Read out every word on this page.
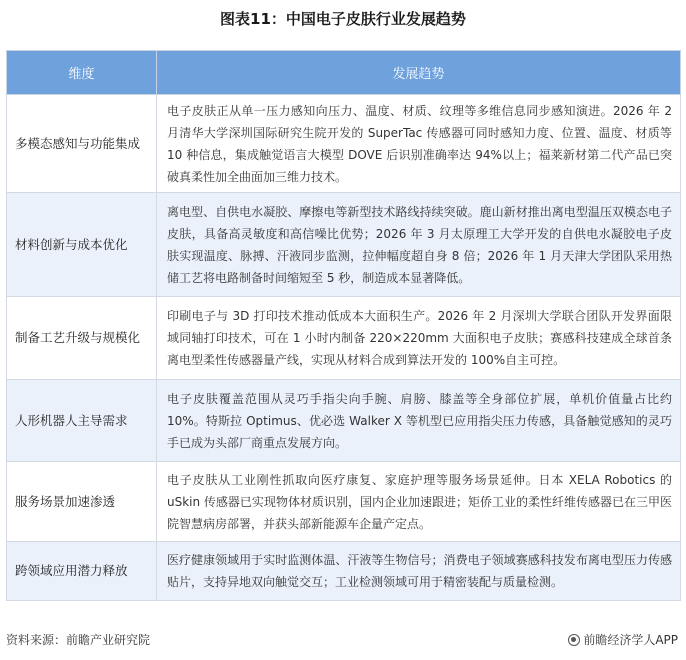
图表11：中国电子皮肤行业发展趋势
维度	发展趋势
多模态感知与功能集成	电子皮肤正从单一压力感知向压力、温度、材质、纹理等多维信息同步感知演进。2026 年 2 月清华大学深圳国际研究生院开发的 SuperTac 传感器可同时感知力度、位置、温度、材质等 10 种信息，集成触觉语言大模型 DOVE 后识别准确率达 94%以上；福莱新材第二代产品已突破真柔性加全曲面加三维力技术。
材料创新与成本优化	离电型、自供电水凝胶、摩擦电等新型技术路线持续突破。鹿山新材推出离电型温压双模态电子皮肤，具备高灵敏度和高信噪比优势；2026 年 3 月太原理工大学开发的自供电水凝胶电子皮肤实现温度、脉搏、汗液同步监测，拉伸幅度超自身 8 倍；2026 年 1 月天津大学团队采用热储工艺将电路制备时间缩短至 5 秒，制造成本显著降低。
制备工艺升级与规模化	印刷电子与 3D 打印技术推动低成本大面积生产。2026 年 2 月深圳大学联合团队开发界面限域同轴打印技术，可在 1 小时内制备 220×220mm 大面积电子皮肤；赛感科技建成全球首条离电型柔性传感器量产线，实现从材料合成到算法开发的 100%自主可控。
人形机器人主导需求	电子皮肤覆盖范围从灵巧手指尖向手腕、肩膀、膝盖等全身部位扩展，单机价值量占比约 10%。特斯拉 Optimus、优必选 Walker X 等机型已应用指尖压力传感，具备触觉感知的灵巧手已成为头部厂商重点发展方向。
服务场景加速渗透	电子皮肤从工业刚性抓取向医疗康复、家庭护理等服务场景延伸。日本 XELA Robotics 的 uSkin 传感器已实现物体材质识别，国内企业加速跟进；矩侨工业的柔性纤维传感器已在三甲医院智慧病房部署，并获头部新能源车企量产定点。
跨领域应用潜力释放	医疗健康领域用于实时监测体温、汗液等生物信号；消费电子领域赛感科技发布离电型压力传感贴片，支持异地双向触觉交互；工业检测领域可用于精密装配与质量检测。
资料来源：前瞻产业研究院	前瞻经济学人APP
